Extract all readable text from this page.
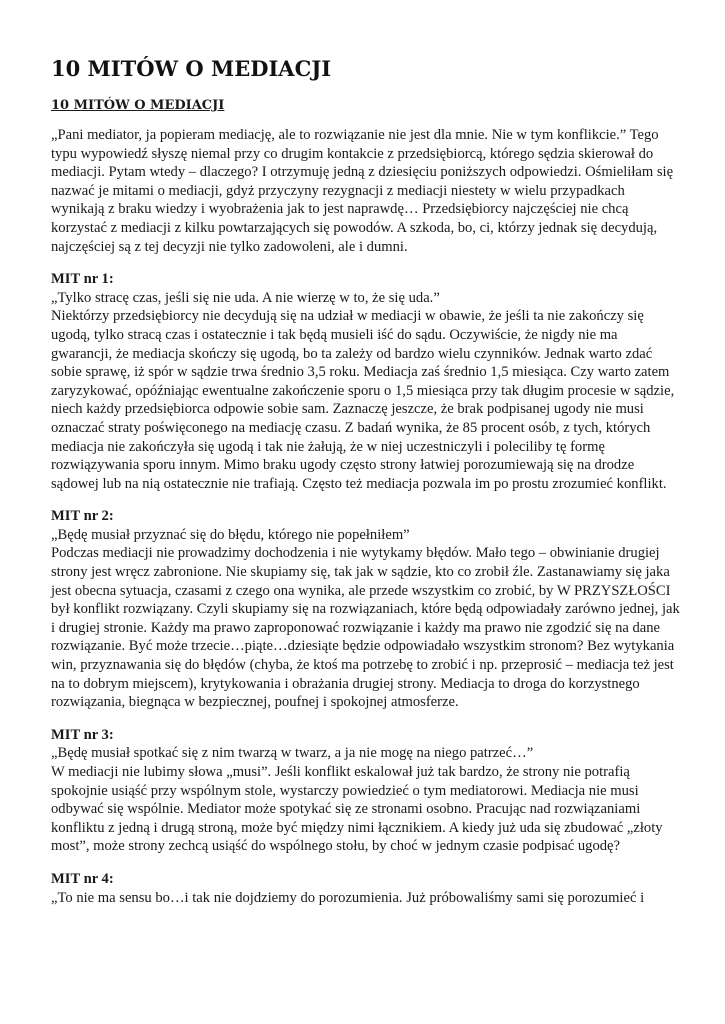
10 MITÓW O MEDIACJI
10 MITÓW O MEDIACJI

„Pani mediator, ja popieram mediację, ale to rozwiązanie nie jest dla mnie. Nie w tym konflikcie.” Tego typu wypowiedź słyszę niemal przy co drugim kontakcie z przedsiębiorcą, którego sędzia skierował do mediacji. Pytam wtedy – dlaczego? I otrzymuję jedną z dziesięciu poniższych odpowiedzi. Ośmieliłam się nazwać je mitami o mediacji, gdyż przyczyny rezygnacji z mediacji niestety w wielu przypadkach wynikają z braku wiedzy i wyobrażenia jak to jest naprawdę… Przedsiębiorcy najczęściej nie chcą korzystać z mediacji z kilku powtarzających się powodów. A szkoda, bo, ci, którzy jednak się decydują, najczęściej są z tej decyzji nie tylko zadowoleni, ale i dumni.

MIT nr 1:

„Tylko stracę czas, jeśli się nie uda. A nie wierzę w to, że się uda.”

Niektórzy przedsiębiorcy nie decydują się na udział w mediacji w obawie, że jeśli ta nie zakończy się ugodą, tylko stracą czas i ostatecznie i tak będą musieli iść do sądu. Oczywiście, że nigdy nie ma gwarancji, że mediacja skończy się ugodą, bo ta zależy od bardzo wielu czynników. Jednak warto zdać sobie sprawę, iż spór w sądzie trwa średnio 3,5 roku. Mediacja zaś średnio 1,5 miesiąca. Czy warto zatem zaryzykować, opóźniając ewentualne zakończenie sporu o 1,5 miesiąca przy tak długim procesie w sądzie, niech każdy przedsiębiorca odpowie sobie sam. Zaznaczę jeszcze, że brak podpisanej ugody nie musi oznaczać straty poświęconego na mediację czasu. Z badań wynika, że 85 procent osób, z tych, których mediacja nie zakończyła się ugodą i tak nie żałują, że w niej uczestniczyli i poleciliby tę formę rozwiązywania sporu innym. Mimo braku ugody często strony łatwiej porozumiewają się na drodze sądowej lub na nią ostatecznie nie trafiają. Często też mediacja pozwala im po prostu zrozumieć konflikt.

MIT nr 2:

„Będę musiał przyznać się do błędu, którego nie popełniłem”

Podczas mediacji nie prowadzimy dochodzenia i nie wytykamy błędów. Mało tego – obwinianie drugiej strony jest wręcz zabronione. Nie skupiamy się, tak jak w sądzie, kto co zrobił źle. Zastanawiamy się jaka jest obecna sytuacja, czasami z czego ona wynika, ale przede wszystkim co zrobić, by W PRZYSZŁOŚCI był konflikt rozwiązany. Czyli skupiamy się na rozwiązaniach, które będą odpowiadały zarówno jednej, jak i drugiej stronie. Każdy ma prawo zaproponować rozwiązanie i każdy ma prawo nie zgodzić się na dane rozwiązanie. Być może trzecie…piąte…dziesiąte będzie odpowiadało wszystkim stronom? Bez wytykania win, przyznawania się do błędów (chyba, że ktoś ma potrzebę to zrobić i np. przeprosić – mediacja też jest na to dobrym miejscem), krytykowania i obrażania drugiej strony. Mediacja to droga do korzystnego rozwiązania, biegnąca w bezpiecznej, poufnej i spokojnej atmosferze.

MIT nr 3:

„Będę musiał spotkać się z nim twarzą w twarz, a ja nie mogę na niego patrzeć…”

W mediacji nie lubimy słowa „musi”. Jeśli konflikt eskalował już tak bardzo, że strony nie potrafią spokojnie usiąść przy wspólnym stole, wystarczy powiedzieć o tym mediatorowi. Mediacja nie musi odbywać się wspólnie. Mediator może spotykać się ze stronami osobno. Pracując nad rozwiązaniami konfliktu z jedną i drugą stroną, może być między nimi łącznikiem. A kiedy już uda się zbudować „złoty most”, może strony zechcą usiąść do wspólnego stołu, by choć w jednym czasie podpisać ugodę?

MIT nr 4:

„To nie ma sensu bo…i tak nie dojdziemy do porozumienia. Już próbowaliśmy sami się porozumieć i
